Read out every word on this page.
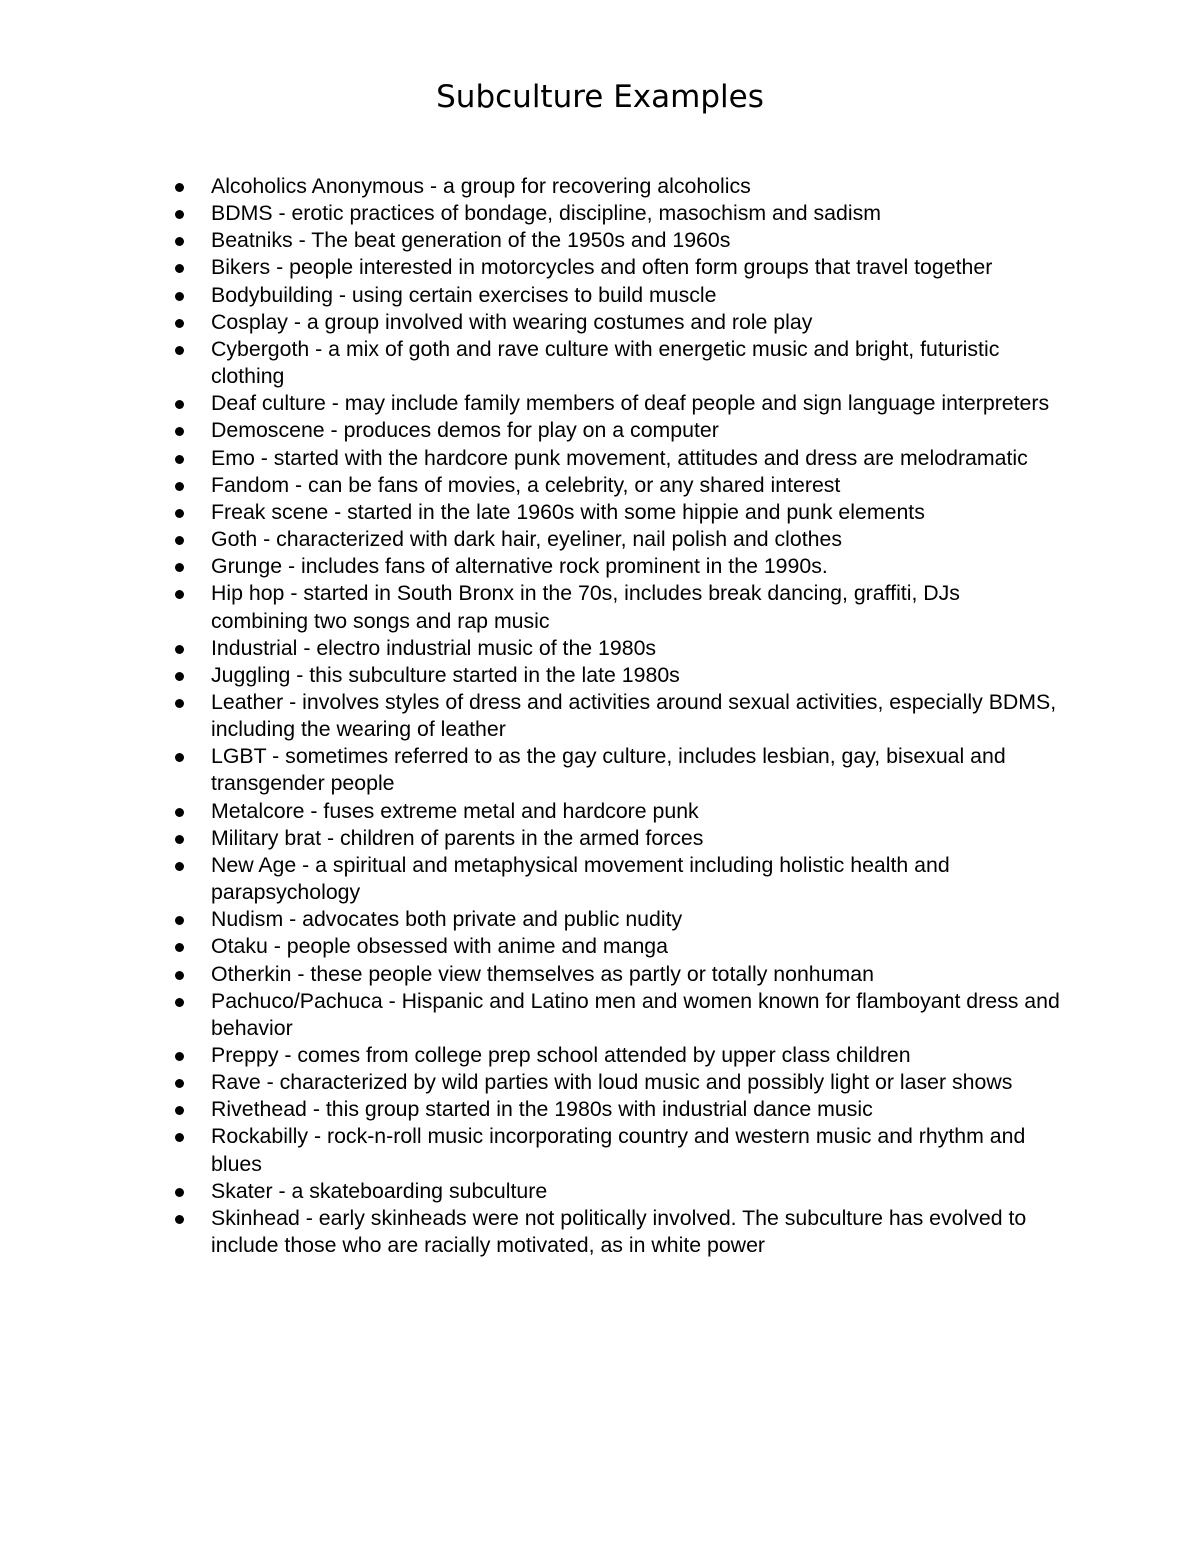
Subculture Examples
Alcoholics Anonymous - a group for recovering alcoholics
BDMS - erotic practices of bondage, discipline, masochism and sadism
Beatniks - The beat generation of the 1950s and 1960s
Bikers - people interested in motorcycles and often form groups that travel together
Bodybuilding - using certain exercises to build muscle
Cosplay - a group involved with wearing costumes and role play
Cybergoth - a mix of goth and rave culture with energetic music and bright, futuristic clothing
Deaf culture - may include family members of deaf people and sign language interpreters
Demoscene - produces demos for play on a computer
Emo - started with the hardcore punk movement, attitudes and dress are melodramatic
Fandom - can be fans of movies, a celebrity, or any shared interest
Freak scene - started in the late 1960s with some hippie and punk elements
Goth - characterized with dark hair, eyeliner, nail polish and clothes
Grunge - includes fans of alternative rock prominent in the 1990s.
Hip hop - started in South Bronx in the 70s, includes break dancing, graffiti, DJs combining two songs and rap music
Industrial - electro industrial music of the 1980s
Juggling - this subculture started in the late 1980s
Leather - involves styles of dress and activities around sexual activities, especially BDMS, including the wearing of leather
LGBT - sometimes referred to as the gay culture, includes lesbian, gay, bisexual and transgender people
Metalcore - fuses extreme metal and hardcore punk
Military brat - children of parents in the armed forces
New Age - a spiritual and metaphysical movement including holistic health and parapsychology
Nudism - advocates both private and public nudity
Otaku - people obsessed with anime and manga
Otherkin - these people view themselves as partly or totally nonhuman
Pachuco/Pachuca - Hispanic and Latino men and women known for flamboyant dress and behavior
Preppy - comes from college prep school attended by upper class children
Rave - characterized by wild parties with loud music and possibly light or laser shows
Rivethead - this group started in the 1980s with industrial dance music
Rockabilly - rock-n-roll music incorporating country and western music and rhythm and blues
Skater - a skateboarding subculture
Skinhead - early skinheads were not politically involved. The subculture has evolved to include those who are racially motivated, as in white power
